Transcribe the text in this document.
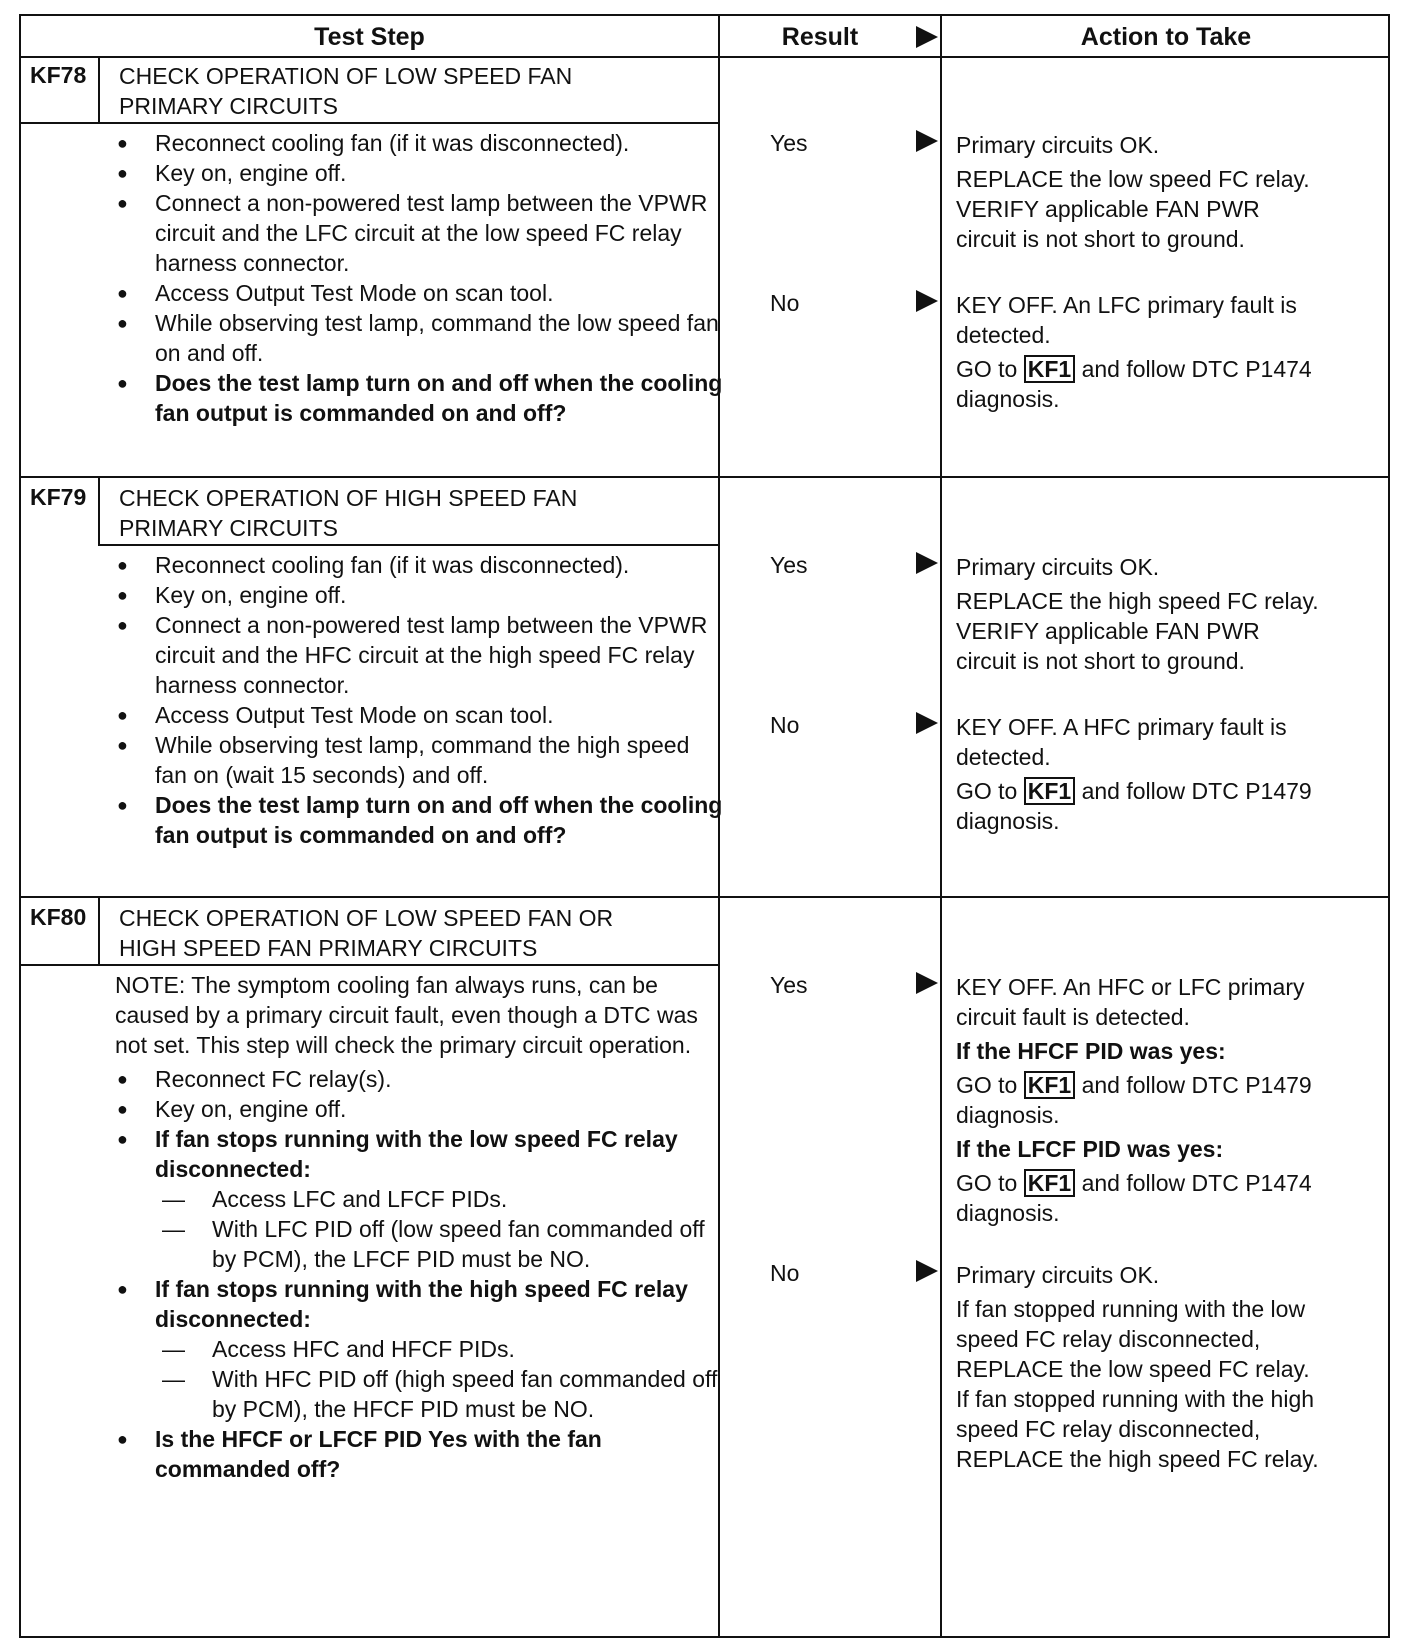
Test Step	Result	Action to Take
KF78 CHECK OPERATION OF LOW SPEED FAN
PRIMARY CIRCUITS

● Reconnect cooling fan (if it was disconnected).

● Key on, engine off.

● Connect a non-powered test lamp between the VPWR circuit and the LFC circuit at the low speed FC relay harness connector.

● Access Output Test Mode on scan tool.

● While observing test lamp, command the low speed fan on and off.

● Does the test lamp turn on and off when the cooling fan output is commanded on and off?

Yes
No

Primary circuits OK.

REPLACE the low speed FC relay. VERIFY applicable FAN PWR circuit is not short to ground.

KEY OFF. An LFC primary fault is detected.

GO to KF1 and follow DTC P1474 diagnosis.

KF79 CHECK OPERATION OF HIGH SPEED FAN
PRIMARY CIRCUITS

● Reconnect cooling fan (if it was disconnected).

● Key on, engine off.

● Connect a non-powered test lamp between the VPWR circuit and the HFC circuit at the high speed FC relay harness connector.

● Access Output Test Mode on scan tool.

● While observing test lamp, command the high speed fan on (wait 15 seconds) and off.

● Does the test lamp turn on and off when the cooling fan output is commanded on and off?

Yes
No

Primary circuits OK.

REPLACE the high speed FC relay. VERIFY applicable FAN PWR circuit is not short to ground.

KEY OFF. A HFC primary fault is detected.

GO to KF1 and follow DTC P1479 diagnosis.

KF80 CHECK OPERATION OF LOW SPEED FAN OR
HIGH SPEED FAN PRIMARY CIRCUITS

NOTE: The symptom cooling fan always runs, can be caused by a primary circuit fault, even though a DTC was not set. This step will check the primary circuit operation.

● Reconnect FC relay(s).

● Key on, engine off.

● If fan stops running with the low speed FC relay disconnected:

— Access LFC and LFCF PIDs.

— With LFC PID off (low speed fan commanded off by PCM), the LFCF PID must be NO.

● If fan stops running with the high speed FC relay disconnected:

— Access HFC and HFCF PIDs.

— With HFC PID off (high speed fan commanded off by PCM), the HFCF PID must be NO.

● Is the HFCF or LFCF PID Yes with the fan commanded off?

Yes
No

KEY OFF. An HFC or LFC primary circuit fault is detected.

If the HFCF PID was yes:

GO to KF1 and follow DTC P1479 diagnosis.

If the LFCF PID was yes:

GO to KF1 and follow DTC P1474 diagnosis.

Primary circuits OK.

If fan stopped running with the low speed FC relay disconnected, REPLACE the low speed FC relay. If fan stopped running with the high speed FC relay disconnected, REPLACE the high speed FC relay.
